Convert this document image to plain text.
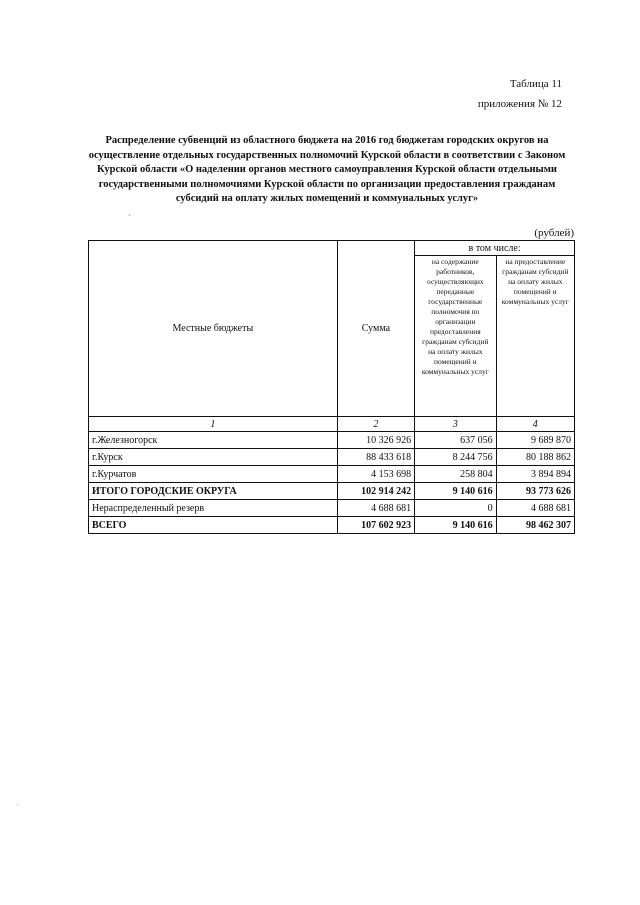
Таблица 11
приложения № 12
Распределение субвенций из областного бюджета на 2016 год бюджетам городских округов на осуществление отдельных государственных полномочий Курской области в соответствии с Законом Курской области «О наделении органов местного самоуправления Курской области отдельными государственными полномочиями Курской области по организации предоставления гражданам субсидий на оплату жилых помещений и коммунальных услуг»
`
(рублей)
Местные бюджеты	Сумма	в том числе:	
		на содержание работников, осуществляющих переданные государственные полномочия по организации предоставления гражданам субсидий на оплату жилых помещений и коммунальных услуг	на предоставление гражданам субсидий на оплату жилых помещений и коммунальных услуг
1	2	3	4
г.Железногорск	10 326 926	637 056	9 689 870
г.Курск	88 433 618	8 244 756	80 188 862
г.Курчатов	4 153 698	258 804	3 894 894
ИТОГО ГОРОДСКИЕ ОКРУГА	102 914 242	9 140 616	93 773 626
Нераспределенный резерв	4 688 681	0	4 688 681
ВСЕГО	107 602 923	9 140 616	98 462 307
·
